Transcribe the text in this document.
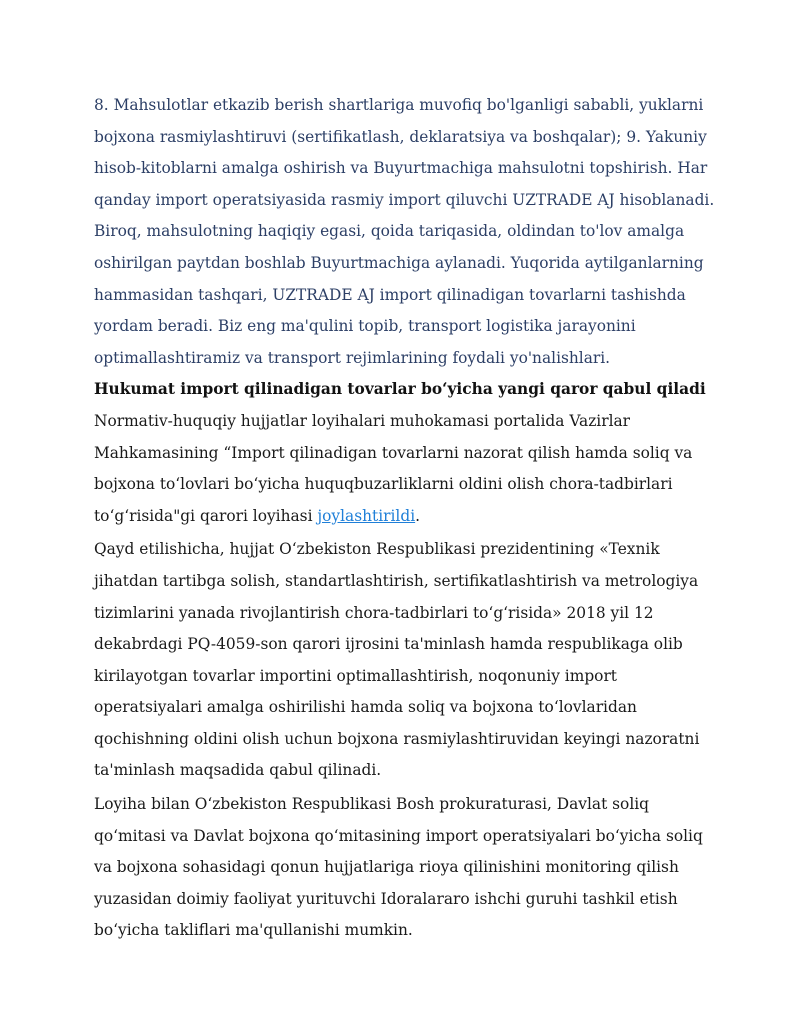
8. Mahsulotlar etkazib berish shartlariga muvofiq bo'lganligi sababli, yuklarni bojxona rasmiylashtiruvi (sertifikatlash, deklaratsiya va boshqalar); 9. Yakuniy hisob-kitoblarni amalga oshirish va Buyurtmachiga mahsulotni topshirish. Har qanday import operatsiyasida rasmiy import qiluvchi UZTRADE AJ hisoblanadi. Biroq, mahsulotning haqiqiy egasi, qoida tariqasida, oldindan to'lov amalga oshirilgan paytdan boshlab Buyurtmachiga aylanadi. Yuqorida aytilganlarning hammasidan tashqari, UZTRADE AJ import qilinadigan tovarlarni tashishda yordam beradi. Biz eng ma'qulini topib, transport logistika jarayonini optimallashtiramiz va transport rejimlarining foydali yo'nalishlari.

Hukumat import qilinadigan tovarlar bo‘yicha yangi qaror qabul qiladi

Normativ-huquqiy hujjatlar loyihalari muhokamasi portalida Vazirlar Mahkamasining “Import qilinadigan tovarlarni nazorat qilish hamda soliq va bojxona to‘lovlari bo‘yicha huquqbuzarliklarni oldini olish chora-tadbirlari to‘g‘risida"gi qarori loyihasi joylashtirildi.

Qayd etilishicha, hujjat O‘zbekiston Respublikasi prezidentining «Texnik jihatdan tartibga solish, standartlashtirish, sertifikatlashtirish va metrologiya tizimlarini yanada rivojlantirish chora-tadbirlari to‘g‘risida» 2018 yil 12 dekabrdagi PQ-4059-son qarori ijrosini ta'minlash hamda respublikaga olib kirilayotgan tovarlar importini optimallashtirish, noqonuniy import operatsiyalari amalga oshirilishi hamda soliq va bojxona to‘lovlaridan qochishning oldini olish uchun bojxona rasmiylashtiruvidan keyingi nazoratni ta'minlash maqsadida qabul qilinadi.

Loyiha bilan O‘zbekiston Respublikasi Bosh prokuraturasi, Davlat soliq qo‘mitasi va Davlat bojxona qo‘mitasining import operatsiyalari bo‘yicha soliq va bojxona sohasidagi qonun hujjatlariga rioya qilinishini monitoring qilish yuzasidan doimiy faoliyat yurituvchi Idoralararo ishchi guruhi tashkil etish bo‘yicha takliflari ma'qullanishi mumkin.
